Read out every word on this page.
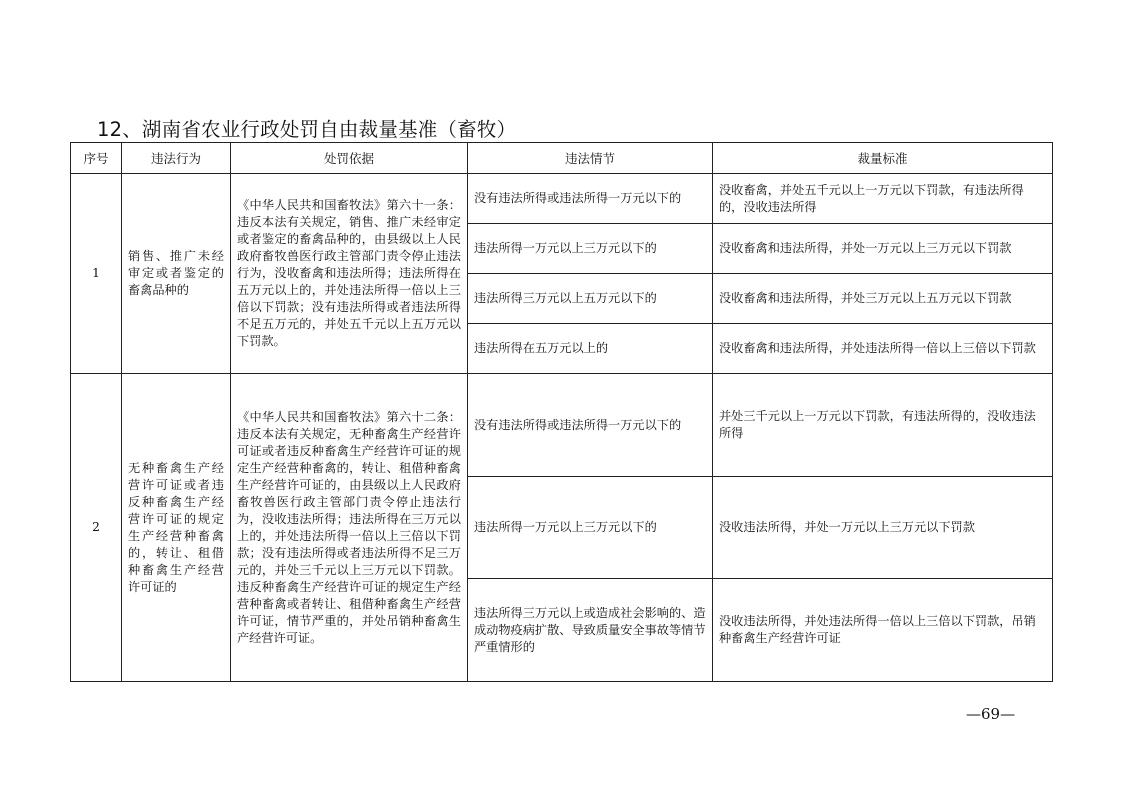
12、湖南省农业行政处罚自由裁量基准（畜牧）
序号	违法行为	处罚依据	违法情节	裁量标准
1	销售、推广未经审定或者鉴定的畜禽品种的	《中华人民共和国畜牧法》第六十一条：违反本法有关规定，销售、推广未经审定或者鉴定的畜禽品种的，由县级以上人民政府畜牧兽医行政主管部门责令停止违法行为，没收畜禽和违法所得；违法所得在五万元以上的，并处违法所得一倍以上三倍以下罚款；没有违法所得或者违法所得不足五万元的，并处五千元以上五万元以下罚款。	没有违法所得或违法所得一万元以下的	没收畜禽，并处五千元以上一万元以下罚款，有违法所得的，没收违法所得
			违法所得一万元以上三万元以下的	没收畜禽和违法所得，并处一万元以上三万元以下罚款
			违法所得三万元以上五万元以下的	没收畜禽和违法所得，并处三万元以上五万元以下罚款
			违法所得在五万元以上的	没收畜禽和违法所得，并处违法所得一倍以上三倍以下罚款
2	无种畜禽生产经营许可证或者违反种畜禽生产经营许可证的规定生产经营种畜禽的，转让、租借种畜禽生产经营许可证的	《中华人民共和国畜牧法》第六十二条：违反本法有关规定，无种畜禽生产经营许可证或者违反种畜禽生产经营许可证的规定生产经营种畜禽的，转让、租借种畜禽生产经营许可证的，由县级以上人民政府畜牧兽医行政主管部门责令停止违法行为，没收违法所得；违法所得在三万元以上的，并处违法所得一倍以上三倍以下罚款；没有违法所得或者违法所得不足三万元的，并处三千元以上三万元以下罚款。违反种畜禽生产经营许可证的规定生产经营种畜禽或者转让、租借种畜禽生产经营许可证，情节严重的，并处吊销种畜禽生产经营许可证。	没有违法所得或违法所得一万元以下的	并处三千元以上一万元以下罚款，有违法所得的，没收违法所得
			违法所得一万元以上三万元以下的	没收违法所得，并处一万元以上三万元以下罚款
			违法所得三万元以上或造成社会影响的、造成动物疫病扩散、导致质量安全事故等情节严重情形的	没收违法所得，并处违法所得一倍以上三倍以下罚款，吊销种畜禽生产经营许可证
—69—
